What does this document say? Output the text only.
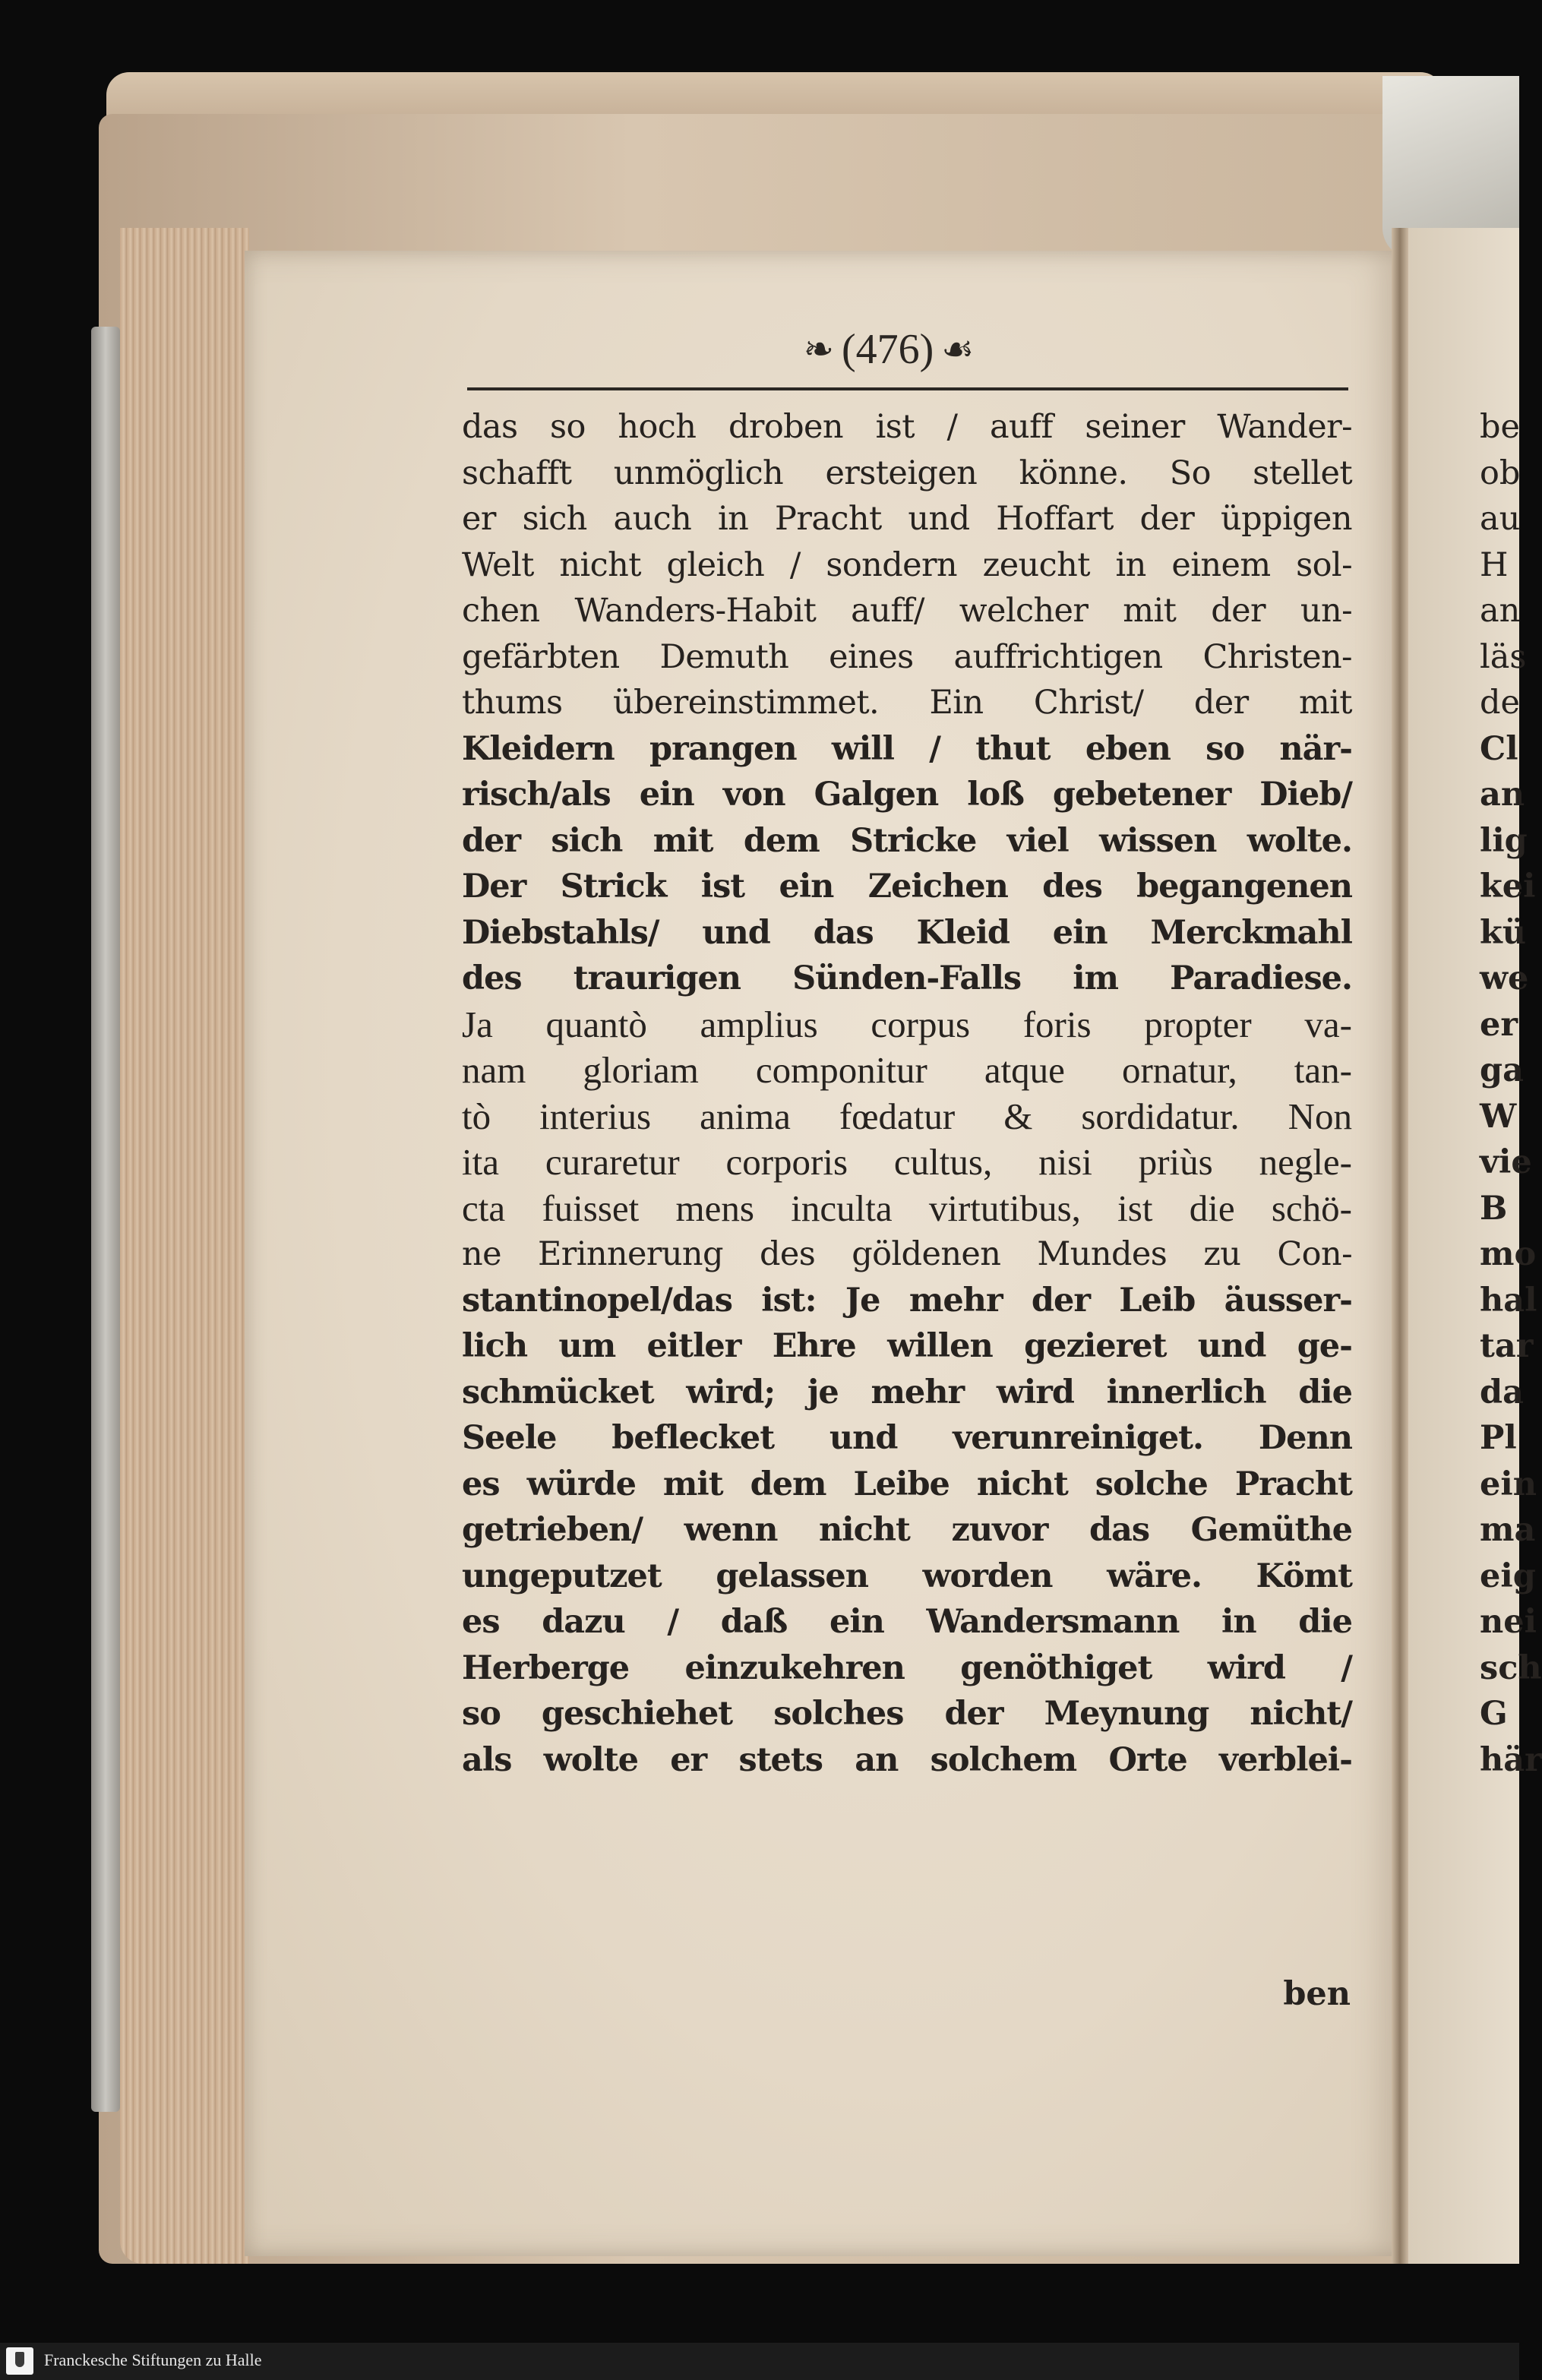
❧ (476) ☙
das so hoch droben ist / auff seiner Wander-
schafft unmöglich ersteigen könne. So stellet
er sich auch in Pracht und Hoffart der üppigen
Welt nicht gleich / sondern zeucht in einem sol-
chen Wanders-Habit auff/ welcher mit der un-
gefärbten Demuth eines auffrichtigen Christen-
thums übereinstimmet. Ein Christ/ der mit
Kleidern prangen will / thut eben so när-
risch/als ein von Galgen loß gebetener Dieb/
der sich mit dem Stricke viel wissen wolte.
Der Strick ist ein Zeichen des begangenen
Diebstahls/ und das Kleid ein Merckmahl
des traurigen Sünden-Falls im Paradiese.
Ja quantò amplius corpus foris propter va-
nam gloriam componitur atque ornatur, tan-
tò interius anima fœdatur & sordidatur. Non
ita curaretur corporis cultus, nisi priùs negle-
cta fuisset mens inculta virtutibus, ist die schö-
ne Erinnerung des göldenen Mundes zu Con-
stantinopel/das ist: Je mehr der Leib äusser-
lich um eitler Ehre willen gezieret und ge-
schmücket wird; je mehr wird innerlich die
Seele beflecket und verunreiniget. Denn
es würde mit dem Leibe nicht solche Pracht
getrieben/ wenn nicht zuvor das Gemüthe
ungeputzet gelassen worden wäre. Kömt
es dazu / daß ein Wandersmann in die
Herberge einzukehren genöthiget wird /
so geschiehet solches der Meynung nicht/
als wolte er stets an solchem Orte verblei-
ben
be
ob
au
H
an
läs
de
Cl
an
lig
kei
kü
we
er
ga
W
vie
B
mo
hal
tar
da
Pl
ein
ma
eig
nei
sch
G
här
Franckesche Stiftungen zu Halle
